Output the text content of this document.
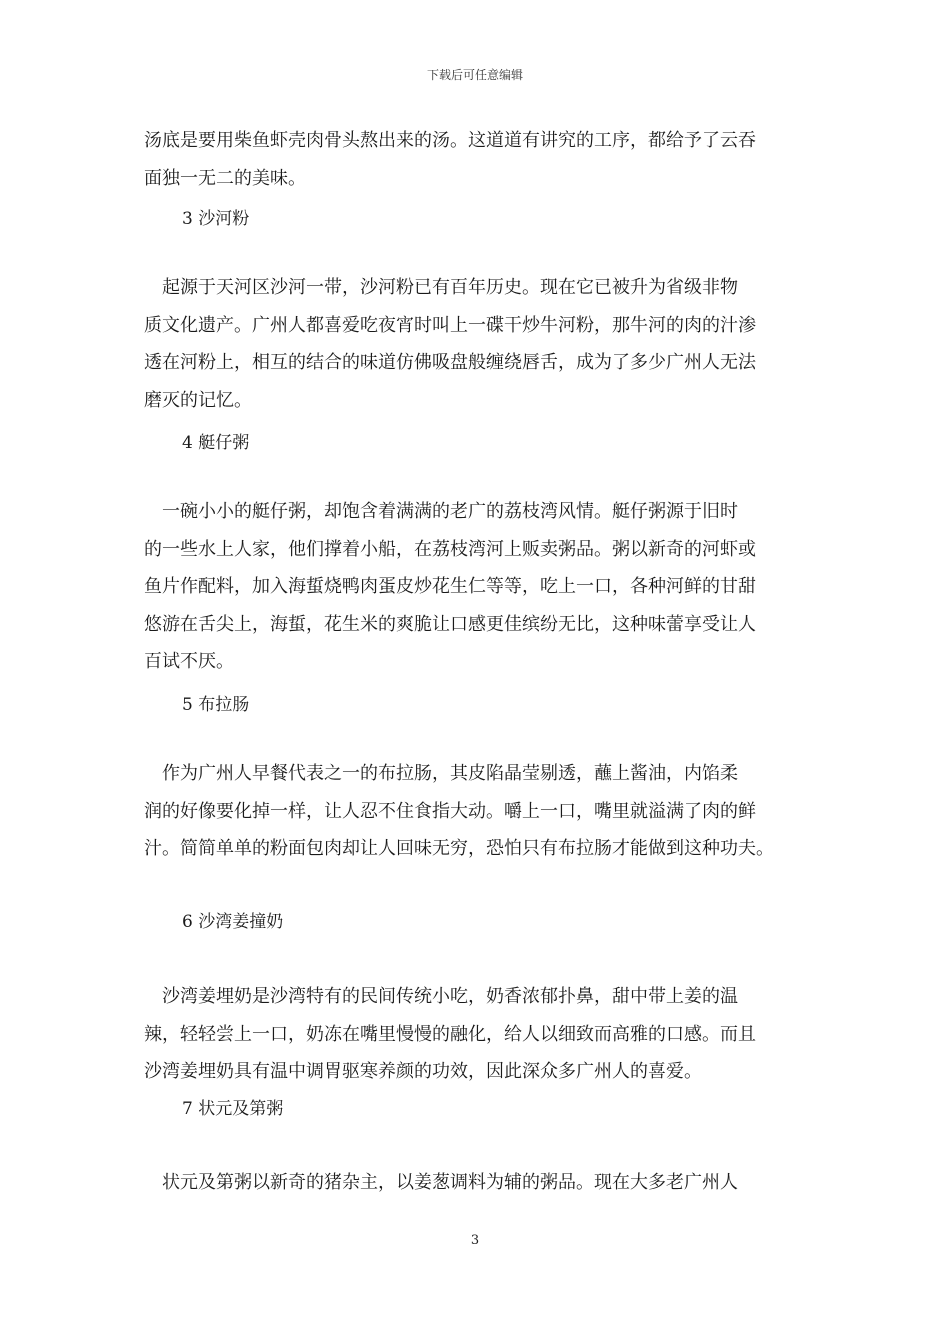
下载后可任意编辑
汤底是要用柴鱼虾壳肉骨头熬出来的汤。这道道有讲究的工序，都给予了云吞
面独一无二的美味。
3 沙河粉
　起源于天河区沙河一带，沙河粉已有百年历史。现在它已被升为省级非物
质文化遗产。广州人都喜爱吃夜宵时叫上一碟干炒牛河粉，那牛河的肉的汁渗
透在河粉上，相互的结合的味道仿佛吸盘般缠绕唇舌，成为了多少广州人无法
磨灭的记忆。
4 艇仔粥
　一碗小小的艇仔粥，却饱含着满满的老广的荔枝湾风情。艇仔粥源于旧时
的一些水上人家，他们撑着小船，在荔枝湾河上贩卖粥品。粥以新奇的河虾或
鱼片作配料，加入海蜇烧鸭肉蛋皮炒花生仁等等，吃上一口，各种河鲜的甘甜
悠游在舌尖上，海蜇，花生米的爽脆让口感更佳缤纷无比，这种味蕾享受让人
百试不厌。
5 布拉肠
　作为广州人早餐代表之一的布拉肠，其皮陷晶莹剔透，蘸上酱油，内馅柔
润的好像要化掉一样，让人忍不住食指大动。嚼上一口，嘴里就溢满了肉的鲜
汁。简简单单的粉面包肉却让人回味无穷，恐怕只有布拉肠才能做到这种功夫。
6 沙湾姜撞奶
　沙湾姜埋奶是沙湾特有的民间传统小吃，奶香浓郁扑鼻，甜中带上姜的温
辣，轻轻尝上一口，奶冻在嘴里慢慢的融化，给人以细致而高雅的口感。而且
沙湾姜埋奶具有温中调胃驱寒养颜的功效，因此深众多广州人的喜爱。
7 状元及第粥
　状元及第粥以新奇的猪杂主，以姜葱调料为辅的粥品。现在大多老广州人
3
